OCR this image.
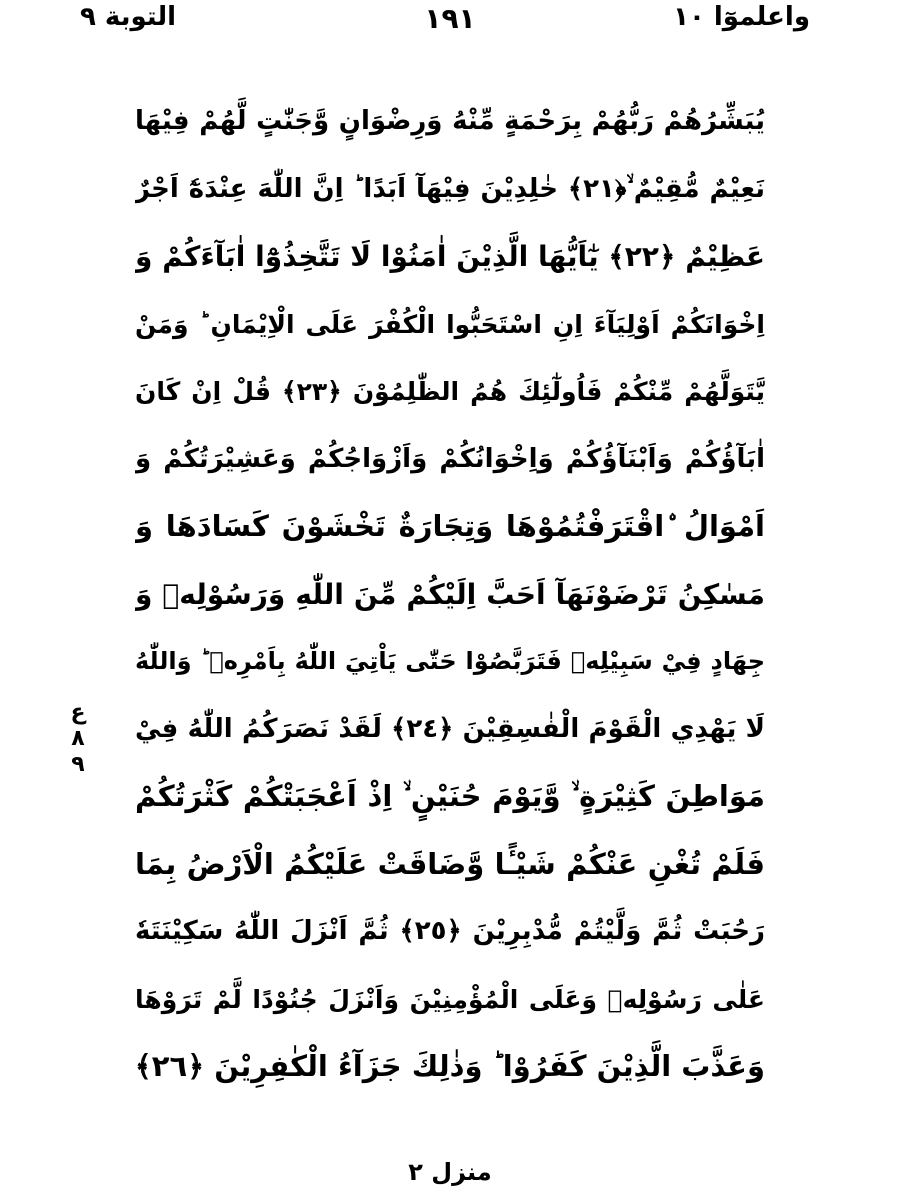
التوبة ٩	١٩١	واعلموٓا ١٠
يُبَشِّرُهُمْ رَبُّهُمْ بِرَحْمَةٍ مِّنْهُ وَرِضْوَانٍ وَّجَنّٰتٍ لَّهُمْ فِيْهَا
نَعِيْمٌ مُّقِيْمٌ ۙ﴿٢١﴾ خٰلِدِيْنَ فِيْهَآ اَبَدًا ؕ اِنَّ اللّٰهَ عِنْدَهٗٓ اَجْرٌ
عَظِيْمٌ ﴿٢٢﴾ يٰٓاَيُّهَا الَّذِيْنَ اٰمَنُوْا لَا تَتَّخِذُوْٓا اٰبَآءَكُمْ وَ
اِخْوَانَكُمْ اَوْلِيَآءَ اِنِ اسْتَحَبُّوا الْكُفْرَ عَلَى الْاِيْمَانِ ؕ وَمَنْ
يَّتَوَلَّهُمْ مِّنْكُمْ فَاُولٰٓئِكَ هُمُ الظّٰلِمُوْنَ ﴿٢٣﴾ قُلْ اِنْ كَانَ
اٰبَآؤُكُمْ وَاَبْنَآؤُكُمْ وَاِخْوَانُكُمْ وَاَزْوَاجُكُمْ وَعَشِيْرَتُكُمْ وَ
اَمْوَالُ ۨاقْتَرَفْتُمُوْهَا وَتِجَارَةٌ تَخْشَوْنَ كَسَادَهَا وَ
مَسٰكِنُ تَرْضَوْنَهَآ اَحَبَّ اِلَيْكُمْ مِّنَ اللّٰهِ وَرَسُوْلِهٖ وَ
جِهَادٍ فِيْ سَبِيْلِهٖ فَتَرَبَّصُوْا حَتّٰى يَاْتِيَ اللّٰهُ بِاَمْرِهٖ ؕ وَاللّٰهُ
لَا يَهْدِي الْقَوْمَ الْفٰسِقِيْنَ ﴿٢٤﴾ لَقَدْ نَصَرَكُمُ اللّٰهُ فِيْ
مَوَاطِنَ كَثِيْرَةٍ ۙ وَّيَوْمَ حُنَيْنٍ ۙ اِذْ اَعْجَبَتْكُمْ كَثْرَتُكُمْ
فَلَمْ تُغْنِ عَنْكُمْ شَيْـًٔا وَّضَاقَتْ عَلَيْكُمُ الْاَرْضُ بِمَا
رَحُبَتْ ثُمَّ وَلَّيْتُمْ مُّدْبِرِيْنَ ﴿٢٥﴾ ثُمَّ اَنْزَلَ اللّٰهُ سَكِيْنَتَهٗ
عَلٰى رَسُوْلِهٖ وَعَلَى الْمُؤْمِنِيْنَ وَاَنْزَلَ جُنُوْدًا لَّمْ تَرَوْهَا
وَعَذَّبَ الَّذِيْنَ كَفَرُوْا ؕ وَذٰلِكَ جَزَآءُ الْكٰفِرِيْنَ ﴿٢٦﴾
ع
٨
٩
منزل ٢
